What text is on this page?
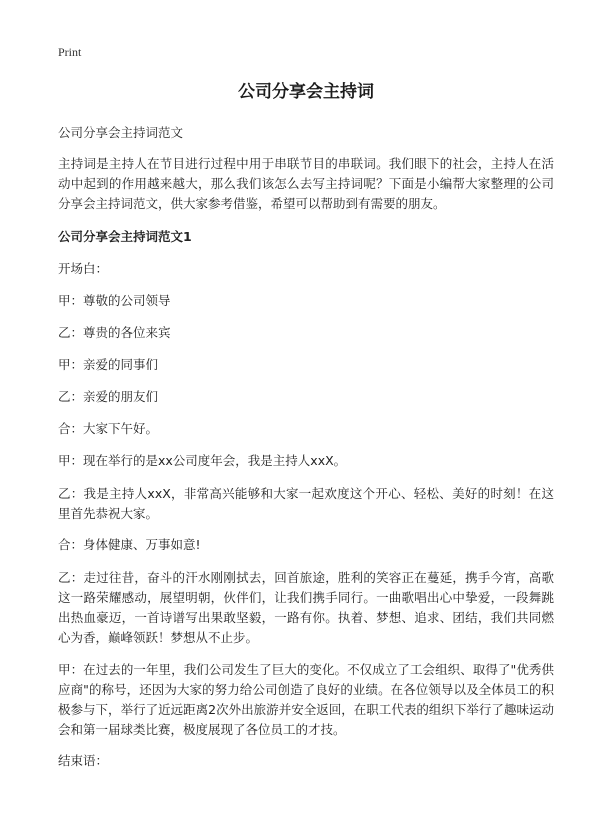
Print
公司分享会主持词
公司分享会主持词范文
主持词是主持人在节目进行过程中用于串联节目的串联词。我们眼下的社会，主持人在活动中起到的作用越来越大，那么我们该怎么去写主持词呢？下面是小编帮大家整理的公司分享会主持词范文，供大家参考借鉴，希望可以帮助到有需要的朋友。
公司分享会主持词范文1
开场白：
甲：尊敬的公司领导
乙：尊贵的各位来宾
甲：亲爱的同事们
乙：亲爱的朋友们
合：大家下午好。
甲：现在举行的是xx公司度年会，我是主持人xxX。
乙：我是主持人xxX，非常高兴能够和大家一起欢度这个开心、轻松、美好的时刻！在这里首先恭祝大家。
合：身体健康、万事如意!
乙：走过往昔，奋斗的汗水刚刚拭去，回首旅途，胜利的笑容正在蔓延，携手今宵，高歌这一路荣耀感动，展望明朝，伙伴们，让我们携手同行。一曲歌唱出心中挚爱，一段舞跳出热血豪迈，一首诗谱写出果敢坚毅，一路有你。执着、梦想、追求、团结，我们共同燃心为香，巅峰领跃！梦想从不止步。
甲：在过去的一年里，我们公司发生了巨大的变化。不仅成立了工会组织、取得了"优秀供应商"的称号，还因为大家的努力给公司创造了良好的业绩。在各位领导以及全体员工的积极参与下，举行了近远距离2次外出旅游并安全返回，在职工代表的组织下举行了趣味运动会和第一届球类比赛，极度展现了各位员工的才技。
结束语：
